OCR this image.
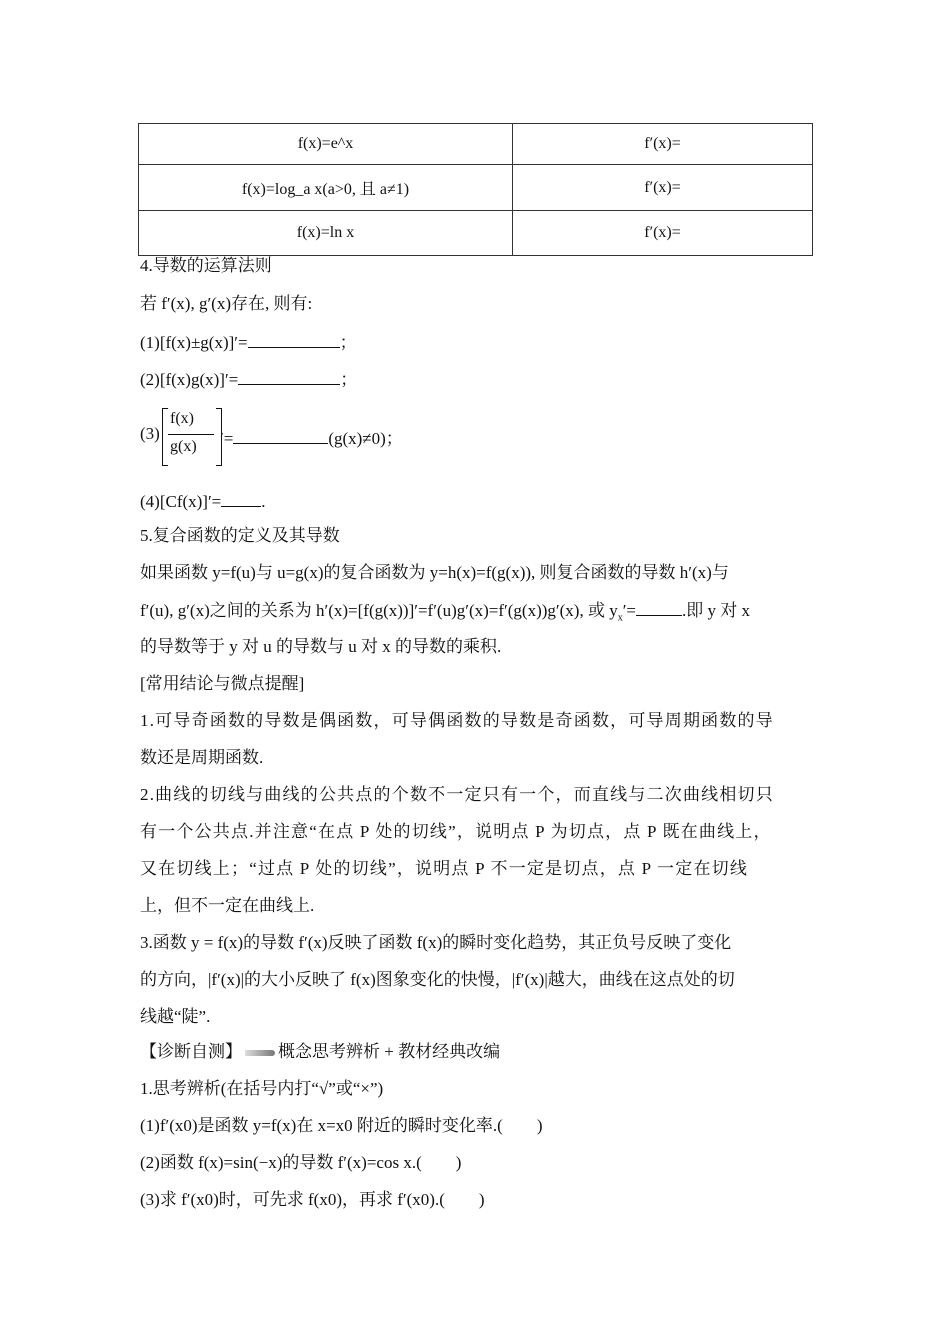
f(x)=e^x	f′(x)=
f(x)=log_a x(a>0, 且 a≠1)	f′(x)=
f(x)=ln x	f′(x)=
4.导数的运算法则
若 f′(x), g′(x)存在, 则有:
(1)[f(x)±g(x)]′=	；
(2)[f(x)g(x)]′=	；
(3)
f(x)
g(x) ′=	(g(x)≠0)；
(4)[Cf(x)]′= .
5.复合函数的定义及其导数
如果函数 y=f(u)与 u=g(x)的复合函数为 y=h(x)=f(g(x)), 则复合函数的导数 h′(x)与
f′(u), g′(x)之间的关系为 h′(x)=[f(g(x))]′=f′(u)g′(x)=f′(g(x))g′(x), 或 $y_x'=$	.即 y 对 x
的导数等于 y 对 u 的导数与 u 对 x 的导数的乘积.
[常用结论与微点提醒]
1.可导奇函数的导数是偶函数，可导偶函数的导数是奇函数，可导周期函数的导
数还是周期函数.
2.曲线的切线与曲线的公共点的个数不一定只有一个，而直线与二次曲线相切只
有一个公共点.并注意“在点 P 处的切线”，说明点 P 为切点，点 P 既在曲线上，
又在切线上；“过点 P 处的切线”，说明点 P 不一定是切点，点 P 一定在切线
上，但不一定在曲线上.
3.函数 y = f(x)的导数 f′(x)反映了函数 f(x)的瞬时变化趋势，其正负号反映了变化
的方向，|f′(x)|的大小反映了 f(x)图象变化的快慢，|f′(x)|越大，曲线在这点处的切
线越“陡”.
【诊断自测】 概念思考辨析 + 教材经典改编
1.思考辨析(在括号内打“√”或“×”)
(1)f′(x0)是函数 y=f(x)在 x=x0 附近的瞬时变化率.(　　)
(2)函数 f(x)=sin(−x)的导数 f′(x)=cos x.(　　)
(3)求 f′(x0)时，可先求 f(x0)，再求 f′(x0).(　　)
